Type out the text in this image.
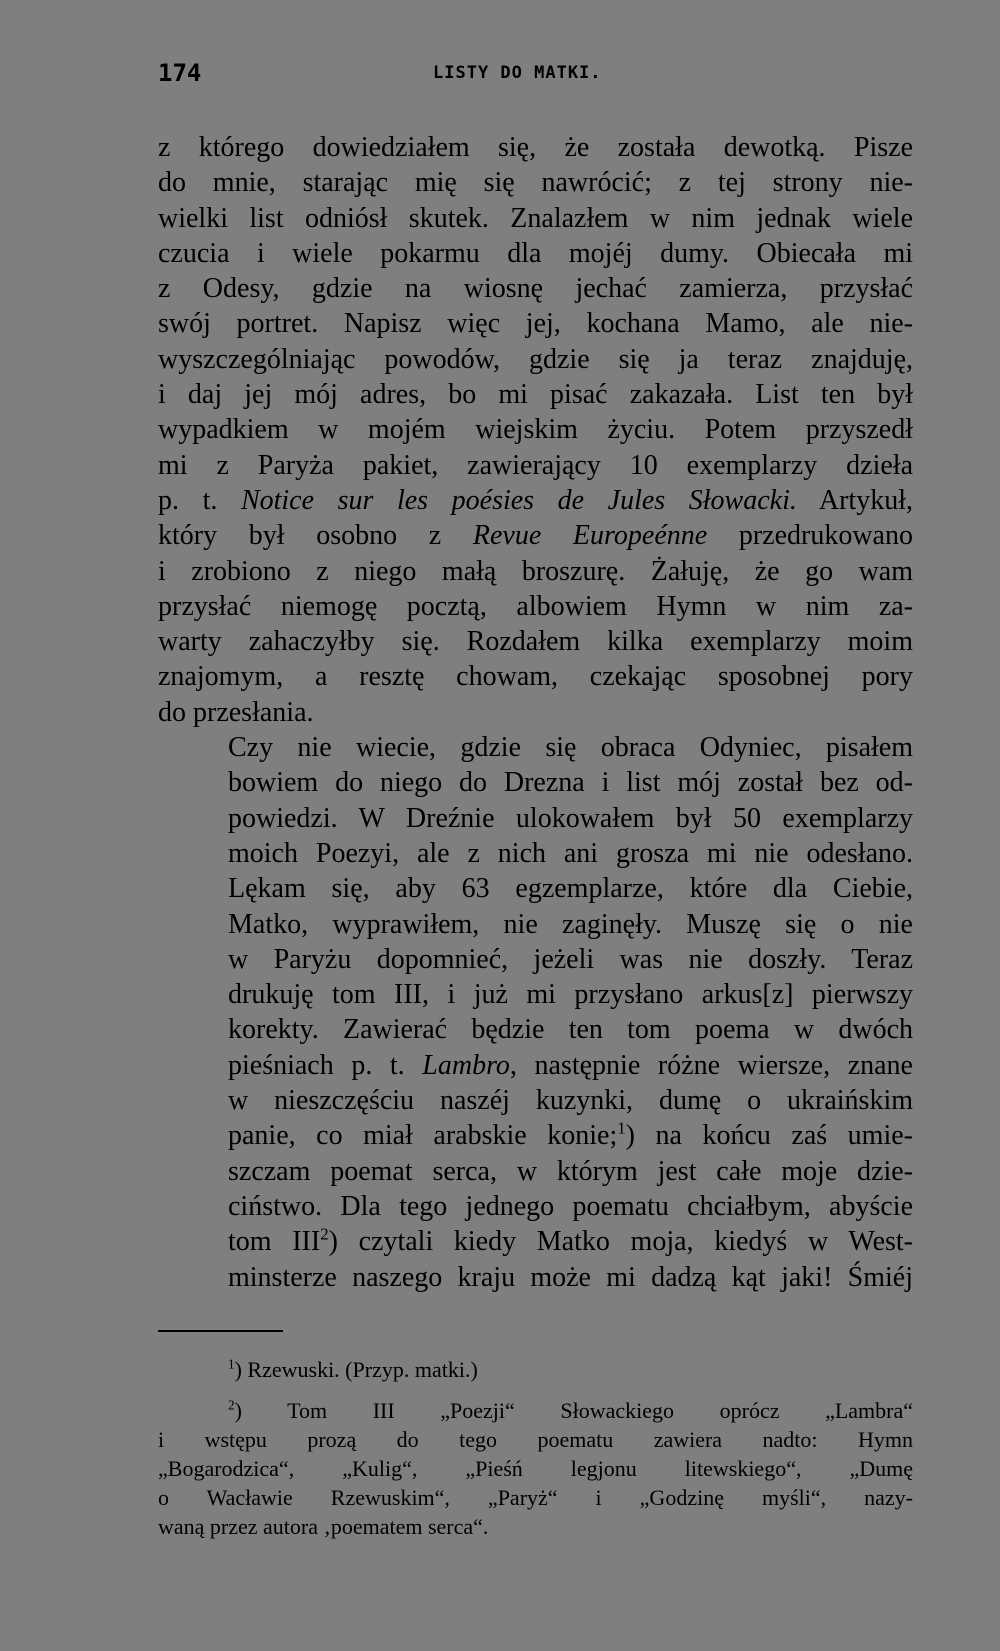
174	LISTY DO MATKI.
z którego dowiedziałem się, że została dewotką. Pisze
do mnie, starając mię się nawrócić; z tej strony nie-
wielki list odniósł skutek. Znalazłem w nim jednak wiele
czucia i wiele pokarmu dla mojéj dumy. Obiecała mi
z Odesy, gdzie na wiosnę jechać zamierza, przysłać
swój portret. Napisz więc jej, kochana Mamo, ale nie-
wyszczególniając powodów, gdzie się ja teraz znajduję,
i daj jej mój adres, bo mi pisać zakazała. List ten był
wypadkiem w mojém wiejskim życiu. Potem przyszedł
mi z Paryża pakiet, zawierający 10 exemplarzy dzieła
p. t. Notice sur les poésies de Jules Słowacki. Artykuł,
który był osobno z Revue Europeénne przedrukowano
i zrobiono z niego małą broszurę. Żałuję, że go wam
przysłać niemogę pocztą, albowiem Hymn w nim za-
warty zahaczyłby się. Rozdałem kilka exemplarzy moim
znajomym, a resztę chowam, czekając sposobnej pory
do przesłania.
Czy nie wiecie, gdzie się obraca Odyniec, pisałem
bowiem do niego do Drezna i list mój został bez od-
powiedzi. W Dreźnie ulokowałem był 50 exemplarzy
moich Poezyi, ale z nich ani grosza mi nie odesłano.
Lękam się, aby 63 egzemplarze, które dla Ciebie,
Matko, wyprawiłem, nie zaginęły. Muszę się o nie
w Paryżu dopomnieć, jeżeli was nie doszły. Teraz
drukuję tom III, i już mi przysłano arkus[z] pierwszy
korekty. Zawierać będzie ten tom poema w dwóch
pieśniach p. t. Lambro, następnie różne wiersze, znane
w nieszczęściu naszéj kuzynki, dumę o ukraińskim
panie, co miał arabskie konie;$^1$) na końcu zaś umie-
szczam poemat serca, w którym jest całe moje dzie-
ciństwo. Dla tego jednego poematu chciałbym, abyście
tom III$^2$) czytali kiedy Matko moja, kiedyś w West-
minsterze naszego kraju może mi dadzą kąt jaki! Śmiéj
$^1$) Rzewuski. (Przyp. matki.)
$^2$) Tom III „Poezji“ Słowackiego oprócz „Lambra“
i wstępu prozą do tego poematu zawiera nadto: Hymn
„Bogarodzica“, „Kulig“, „Pieśń legjonu litewskiego“, „Dumę
o Wacławie Rzewuskim“, „Paryż“ i „Godzinę myśli“, nazy-
waną przez autora ‚poematem serca“.
